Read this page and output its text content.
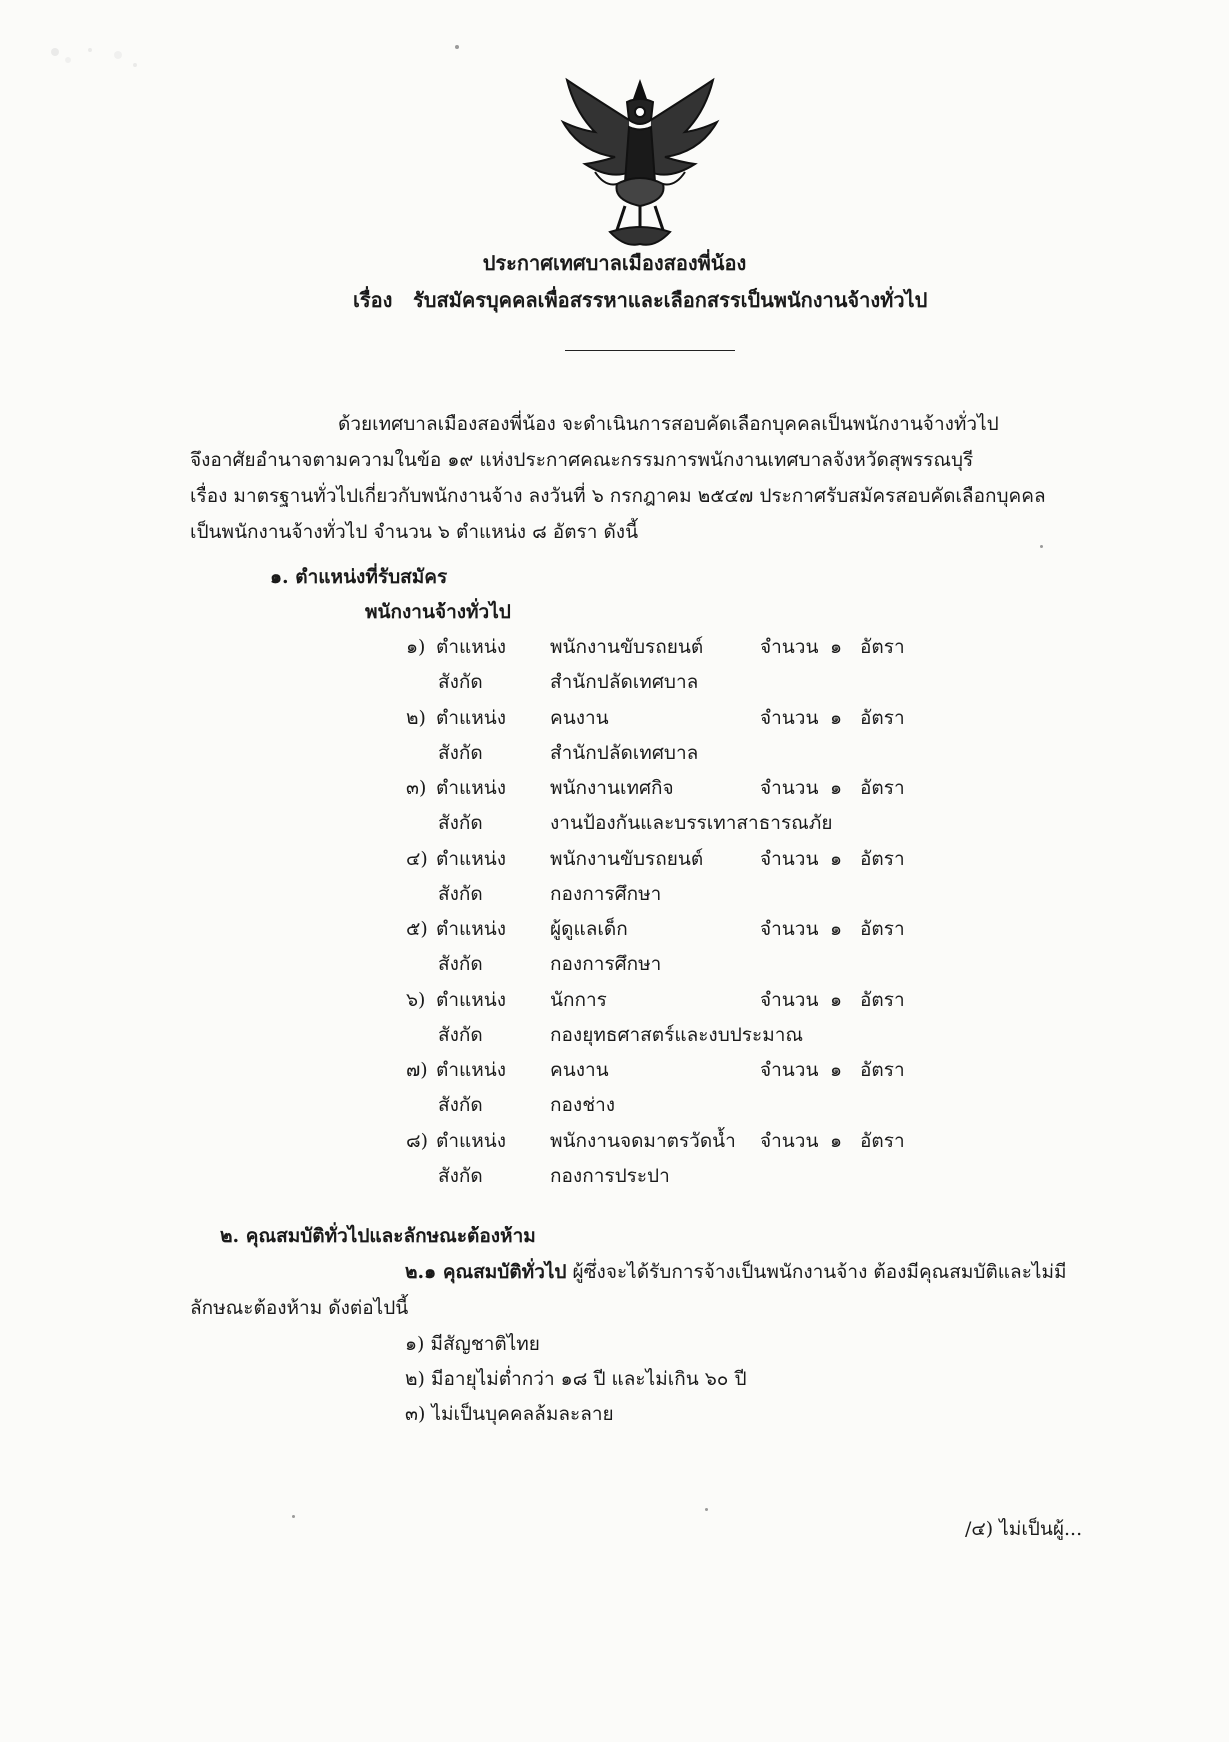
ประกาศเทศบาลเมืองสองพี่น้อง
เรื่อง รับสมัครบุคคลเพื่อสรรหาและเลือกสรรเป็นพนักงานจ้างทั่วไป
ด้วยเทศบาลเมืองสองพี่น้อง จะดำเนินการสอบคัดเลือกบุคคลเป็นพนักงานจ้างทั่วไป
จึงอาศัยอำนาจตามความในข้อ ๑๙ แห่งประกาศคณะกรรมการพนักงานเทศบาลจังหวัดสุพรรณบุรี
เรื่อง มาตรฐานทั่วไปเกี่ยวกับพนักงานจ้าง ลงวันที่ ๖ กรกฎาคม ๒๕๔๗ ประกาศรับสมัครสอบคัดเลือกบุคคล
เป็นพนักงานจ้างทั่วไป จำนวน ๖ ตำแหน่ง ๘ อัตรา ดังนี้
๑. ตำแหน่งที่รับสมัคร
พนักงานจ้างทั่วไป
๑) ตำแหน่ง พนักงานขับรถยนต์	จำนวน ๑ อัตรา
สังกัด	สำนักปลัดเทศบาล
๒) ตำแหน่ง คนงาน	จำนวน ๑ อัตรา
สังกัด	สำนักปลัดเทศบาล
๓) ตำแหน่ง พนักงานเทศกิจ	จำนวน ๑ อัตรา
สังกัด	งานป้องกันและบรรเทาสาธารณภัย
๔) ตำแหน่ง พนักงานขับรถยนต์	จำนวน ๑ อัตรา
สังกัด	กองการศึกษา
๕) ตำแหน่ง ผู้ดูแลเด็ก	จำนวน ๑ อัตรา
สังกัด	กองการศึกษา
๖) ตำแหน่ง นักการ	จำนวน ๑ อัตรา
สังกัด	กองยุทธศาสตร์และงบประมาณ
๗) ตำแหน่ง คนงาน	จำนวน ๑ อัตรา
สังกัด	กองช่าง
๘) ตำแหน่ง พนักงานจดมาตรวัดน้ำ จำนวน ๑ อัตรา
สังกัด	กองการประปา
๒. คุณสมบัติทั่วไปและลักษณะต้องห้าม
๒.๑ คุณสมบัติทั่วไป ผู้ซึ่งจะได้รับการจ้างเป็นพนักงานจ้าง ต้องมีคุณสมบัติและไม่มี
ลักษณะต้องห้าม ดังต่อไปนี้
๑) มีสัญชาติไทย
๒) มีอายุไม่ต่ำกว่า ๑๘ ปี และไม่เกิน ๖๐ ปี
๓) ไม่เป็นบุคคลล้มละลาย
/๔) ไม่เป็นผู้...
